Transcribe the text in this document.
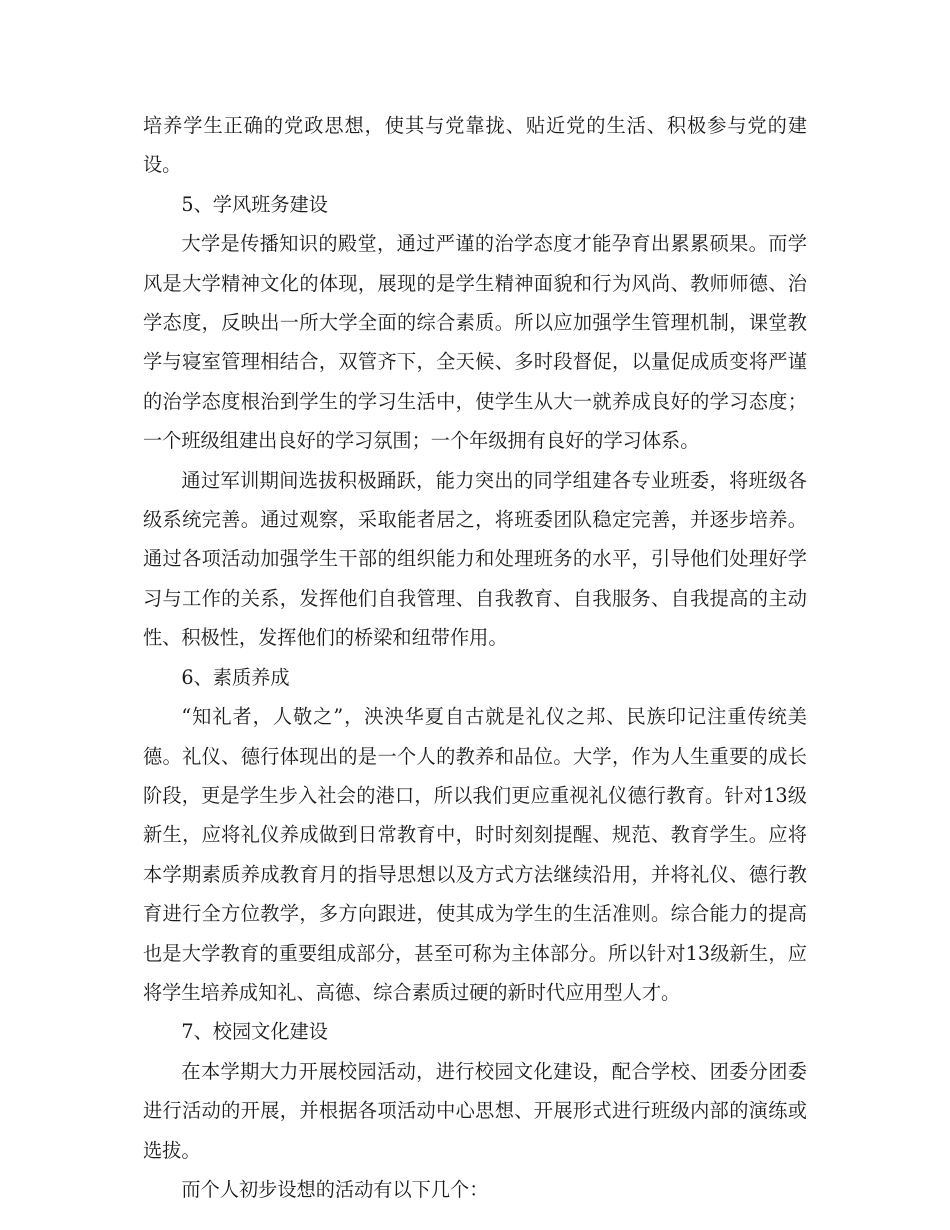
培养学生正确的党政思想，使其与党靠拢、贴近党的生活、积极参与党的建设。

5、学风班务建设

大学是传播知识的殿堂，通过严谨的治学态度才能孕育出累累硕果。而学风是大学精神文化的体现，展现的是学生精神面貌和行为风尚、教师师德、治学态度，反映出一所大学全面的综合素质。所以应加强学生管理机制，课堂教学与寝室管理相结合，双管齐下，全天候、多时段督促，以量促成质变将严谨的治学态度根治到学生的学习生活中，使学生从大一就养成良好的学习态度；一个班级组建出良好的学习氛围；一个年级拥有良好的学习体系。

通过军训期间选拔积极踊跃，能力突出的同学组建各专业班委，将班级各级系统完善。通过观察，采取能者居之，将班委团队稳定完善，并逐步培养。通过各项活动加强学生干部的组织能力和处理班务的水平，引导他们处理好学习与工作的关系，发挥他们自我管理、自我教育、自我服务、自我提高的主动性、积极性，发挥他们的桥梁和纽带作用。

6、素质养成

“知礼者，人敬之”，泱泱华夏自古就是礼仪之邦、民族印记注重传统美德。礼仪、德行体现出的是一个人的教养和品位。大学，作为人生重要的成长阶段，更是学生步入社会的港口，所以我们更应重视礼仪德行教育。针对13级新生，应将礼仪养成做到日常教育中，时时刻刻提醒、规范、教育学生。应将本学期素质养成教育月的指导思想以及方式方法继续沿用，并将礼仪、德行教育进行全方位教学，多方向跟进，使其成为学生的生活准则。综合能力的提高也是大学教育的重要组成部分，甚至可称为主体部分。所以针对13级新生，应将学生培养成知礼、高德、综合素质过硬的新时代应用型人才。

7、校园文化建设

在本学期大力开展校园活动，进行校园文化建设，配合学校、团委分团委进行活动的开展，并根据各项活动中心思想、开展形式进行班级内部的演练或选拔。

而个人初步设想的活动有以下几个：
